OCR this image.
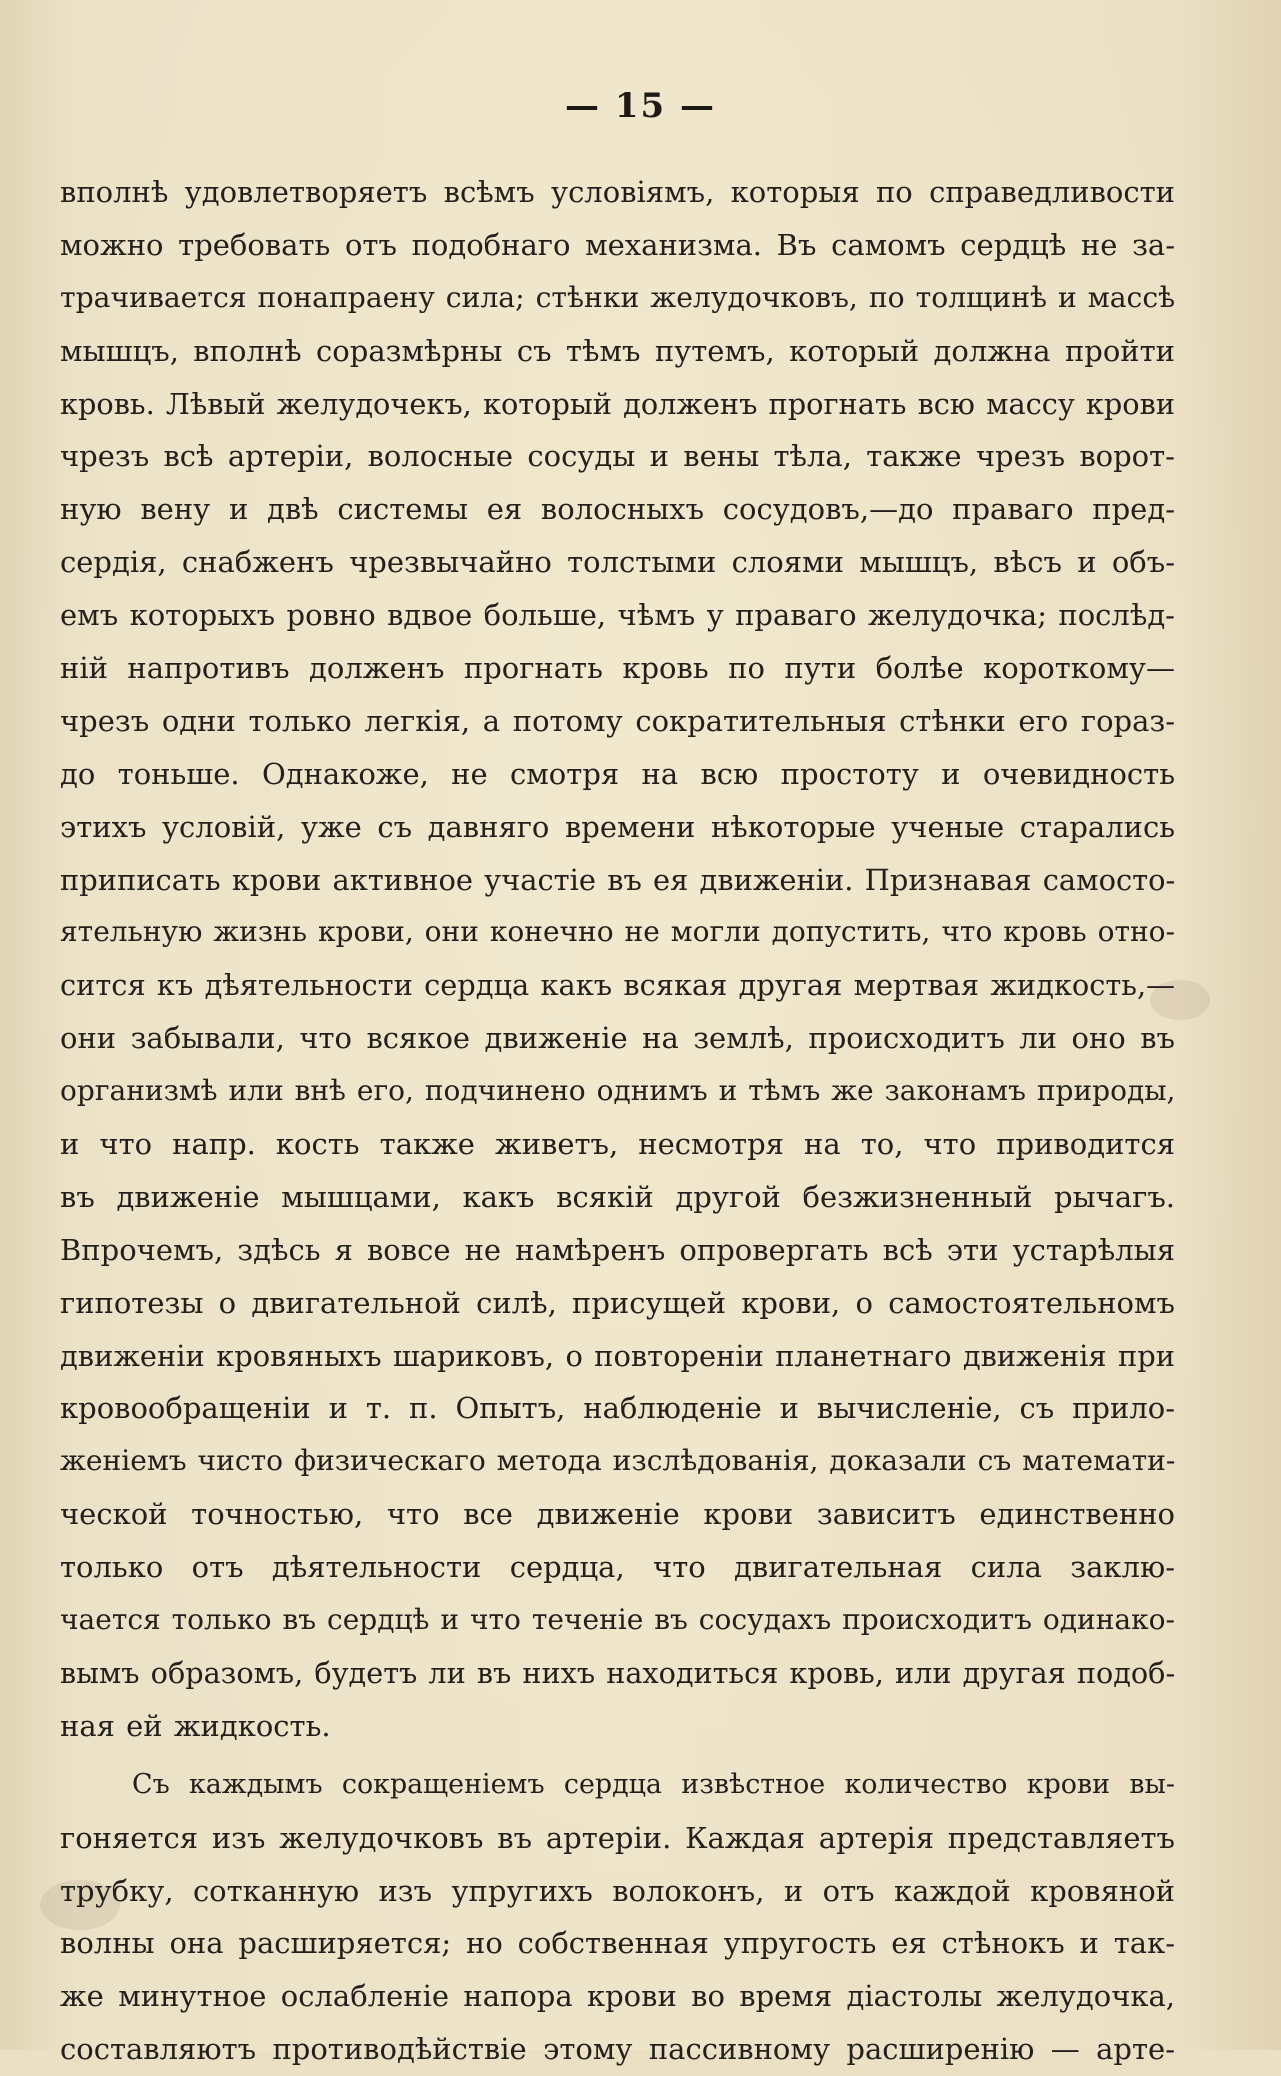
— 15 —
вполнѣ удовлетворяетъ всѣмъ условіямъ, которыя по справедливости
можно требовать отъ подобнаго механизма. Въ самомъ сердцѣ не за-
трачивается понапраену сила; стѣнки желудочковъ, по толщинѣ и массѣ
мышцъ, вполнѣ соразмѣрны съ тѣмъ путемъ, который должна пройти
кровь. Лѣвый желудочекъ, который долженъ прогнать всю массу крови
чрезъ всѣ артеріи, волосные сосуды и вены тѣла, также чрезъ ворот-
ную вену и двѣ системы ея волосныхъ сосудовъ,—до праваго пред-
сердія, снабженъ чрезвычайно толстыми слоями мышцъ, вѣсъ и объ-
емъ которыхъ ровно вдвое больше, чѣмъ у праваго желудочка; послѣд-
ній напротивъ долженъ прогнать кровь по пути болѣе короткому—
чрезъ одни только легкія, а потому сократительныя стѣнки его гораз-
до тоньше. Однакоже, не смотря на всю простоту и очевидность
этихъ условій, уже съ давняго времени нѣкоторые ученые старались
приписать крови активное участіе въ ея движеніи. Признавая самосто-
ятельную жизнь крови, они конечно не могли допустить, что кровь отно-
сится къ дѣятельности сердца какъ всякая другая мертвая жидкость,—
они забывали, что всякое движеніе на землѣ, происходитъ ли оно въ
организмѣ или внѣ его, подчинено однимъ и тѣмъ же законамъ природы,
и что напр. кость также живетъ, несмотря на то, что приводится
въ движеніе мышцами, какъ всякій другой безжизненный рычагъ.
Впрочемъ, здѣсь я вовсе не намѣренъ опровергать всѣ эти устарѣлыя
гипотезы о двигательной силѣ, присущей крови, о самостоятельномъ
движеніи кровяныхъ шариковъ, о повтореніи планетнаго движенія при
кровообращеніи и т. п. Опытъ, наблюденіе и вычисленіе, съ прило-
женіемъ чисто физическаго метода изслѣдованія, доказали съ математи-
ческой точностью, что все движеніе крови зависитъ единственно
только отъ дѣятельности сердца, что двигательная сила заклю-
чается только въ сердцѣ и что теченіе въ сосудахъ происходитъ одинако-
вымъ образомъ, будетъ ли въ нихъ находиться кровь, или другая подоб-
ная ей жидкость.
Съ каждымъ сокращеніемъ сердца извѣстное количество крови вы-
гоняется изъ желудочковъ въ артеріи. Каждая артерія представляетъ
трубку, сотканную изъ упругихъ волоконъ, и отъ каждой кровяной
волны она расширяется; но собственная упругость ея стѣнокъ и так-
же минутное ослабленіе напора крови во время діастолы желудочка,
составляютъ противодѣйствіе этому пассивному расширенію — арте-
